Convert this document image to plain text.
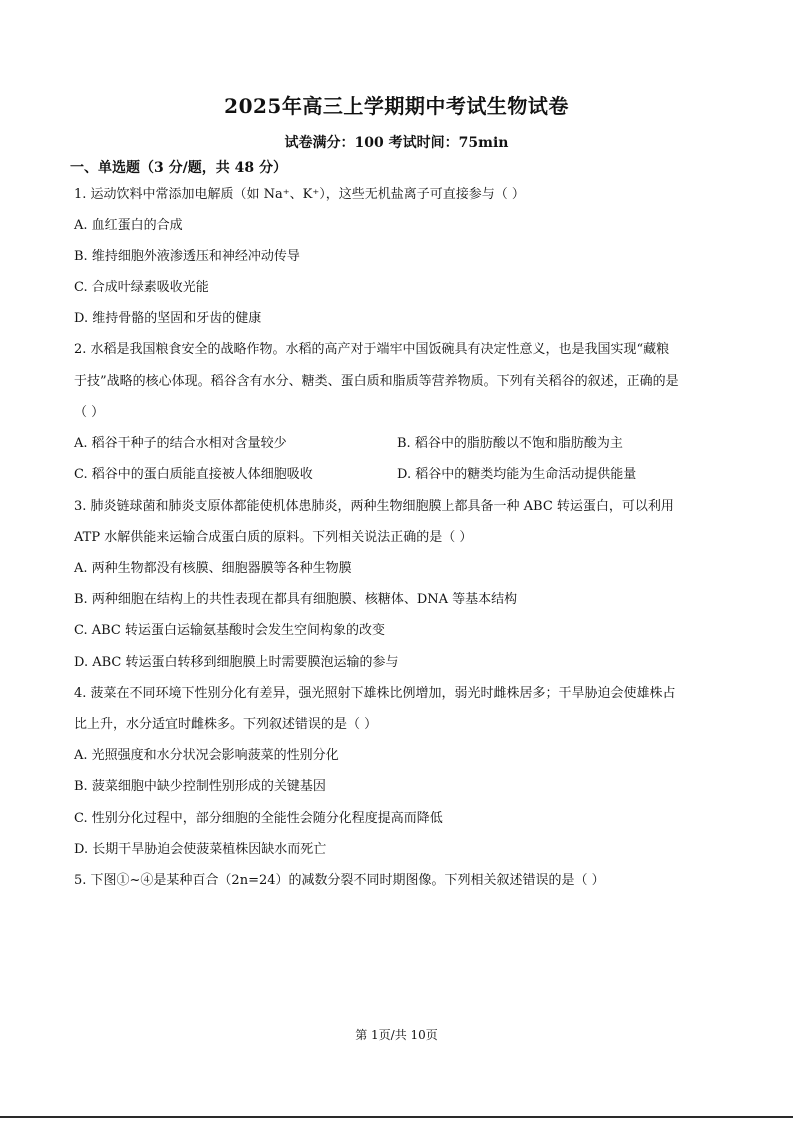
2025年高三上学期期中考试生物试卷
试卷满分：100 考试时间：75min
一、单选题（3 分/题，共 48 分）
1. 运动饮料中常添加电解质（如 Na⁺、K⁺），这些无机盐离子可直接参与（ ）
A. 血红蛋白的合成
B. 维持细胞外液渗透压和神经冲动传导
C. 合成叶绿素吸收光能
D. 维持骨骼的坚固和牙齿的健康
2. 水稻是我国粮食安全的战略作物。水稻的高产对于端牢中国饭碗具有决定性意义，也是我国实现“藏粮
于技”战略的核心体现。稻谷含有水分、糖类、蛋白质和脂质等营养物质。下列有关稻谷的叙述，正确的是
（ ）
A. 稻谷干种子的结合水相对含量较少	B. 稻谷中的脂肪酸以不饱和脂肪酸为主
C. 稻谷中的蛋白质能直接被人体细胞吸收	D. 稻谷中的糖类均能为生命活动提供能量
3. 肺炎链球菌和肺炎支原体都能使机体患肺炎，两种生物细胞膜上都具备一种 ABC 转运蛋白，可以利用
ATP 水解供能来运输合成蛋白质的原料。下列相关说法正确的是（ ）
A. 两种生物都没有核膜、细胞器膜等各种生物膜
B. 两种细胞在结构上的共性表现在都具有细胞膜、核糖体、DNA 等基本结构
C. ABC 转运蛋白运输氨基酸时会发生空间构象的改变
D. ABC 转运蛋白转移到细胞膜上时需要膜泡运输的参与
4. 菠菜在不同环境下性别分化有差异，强光照射下雄株比例增加，弱光时雌株居多；干旱胁迫会使雄株占
比上升，水分适宜时雌株多。下列叙述错误的是（ ）
A. 光照强度和水分状况会影响菠菜的性别分化
B. 菠菜细胞中缺少控制性别形成的关键基因
C. 性别分化过程中，部分细胞的全能性会随分化程度提高而降低
D. 长期干旱胁迫会使菠菜植株因缺水而死亡
5. 下图①~④是某种百合（2n=24）的减数分裂不同时期图像。下列相关叙述错误的是（ ）
第 1页/共 10页
